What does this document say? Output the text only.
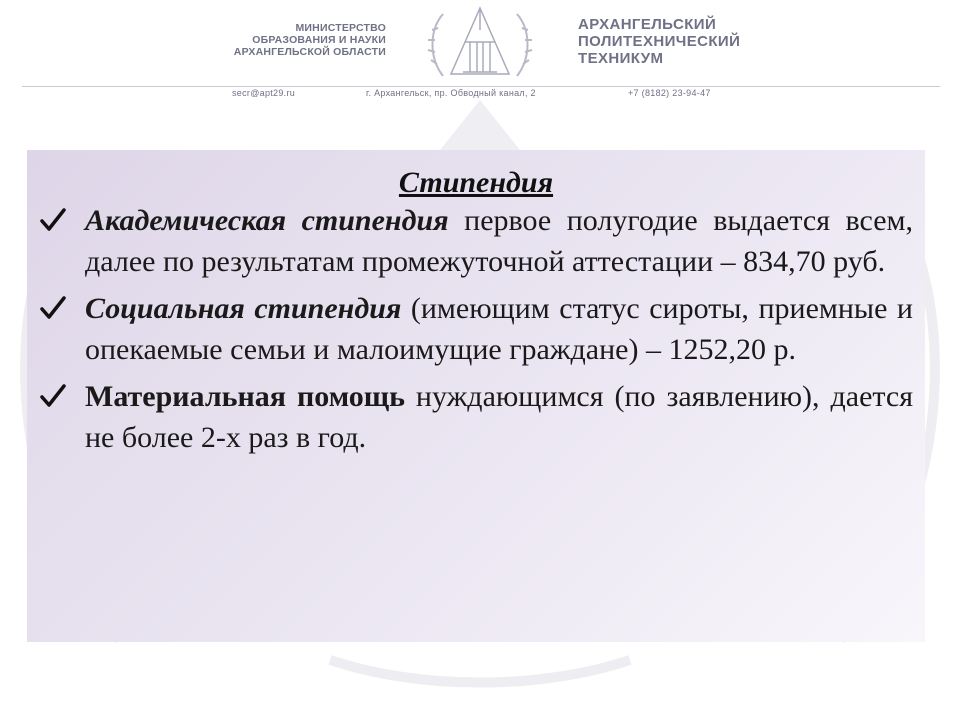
МИНИСТЕРСТВО
ОБРАЗОВАНИЯ И НАУКИ
АРХАНГЕЛЬСКОЙ ОБЛАСТИ
АРХАНГЕЛЬСКИЙ
ПОЛИТЕХНИЧЕСКИЙ
ТЕХНИКУМ
secr@apt29.ru	г. Архангельск, пр. Обводный канал, 2	+7 (8182) 23-94-47
Стипендия
Академическая стипендия первое полугодие выдается всем, далее по результатам промежуточной аттестации – 834,70 руб.
Социальная стипендия (имеющим статус сироты, приемные и опекаемые семьи и малоимущие граждане) – 1252,20 р.
Материальная помощь нуждающимся (по заявлению), дается не более 2-х раз в год.
